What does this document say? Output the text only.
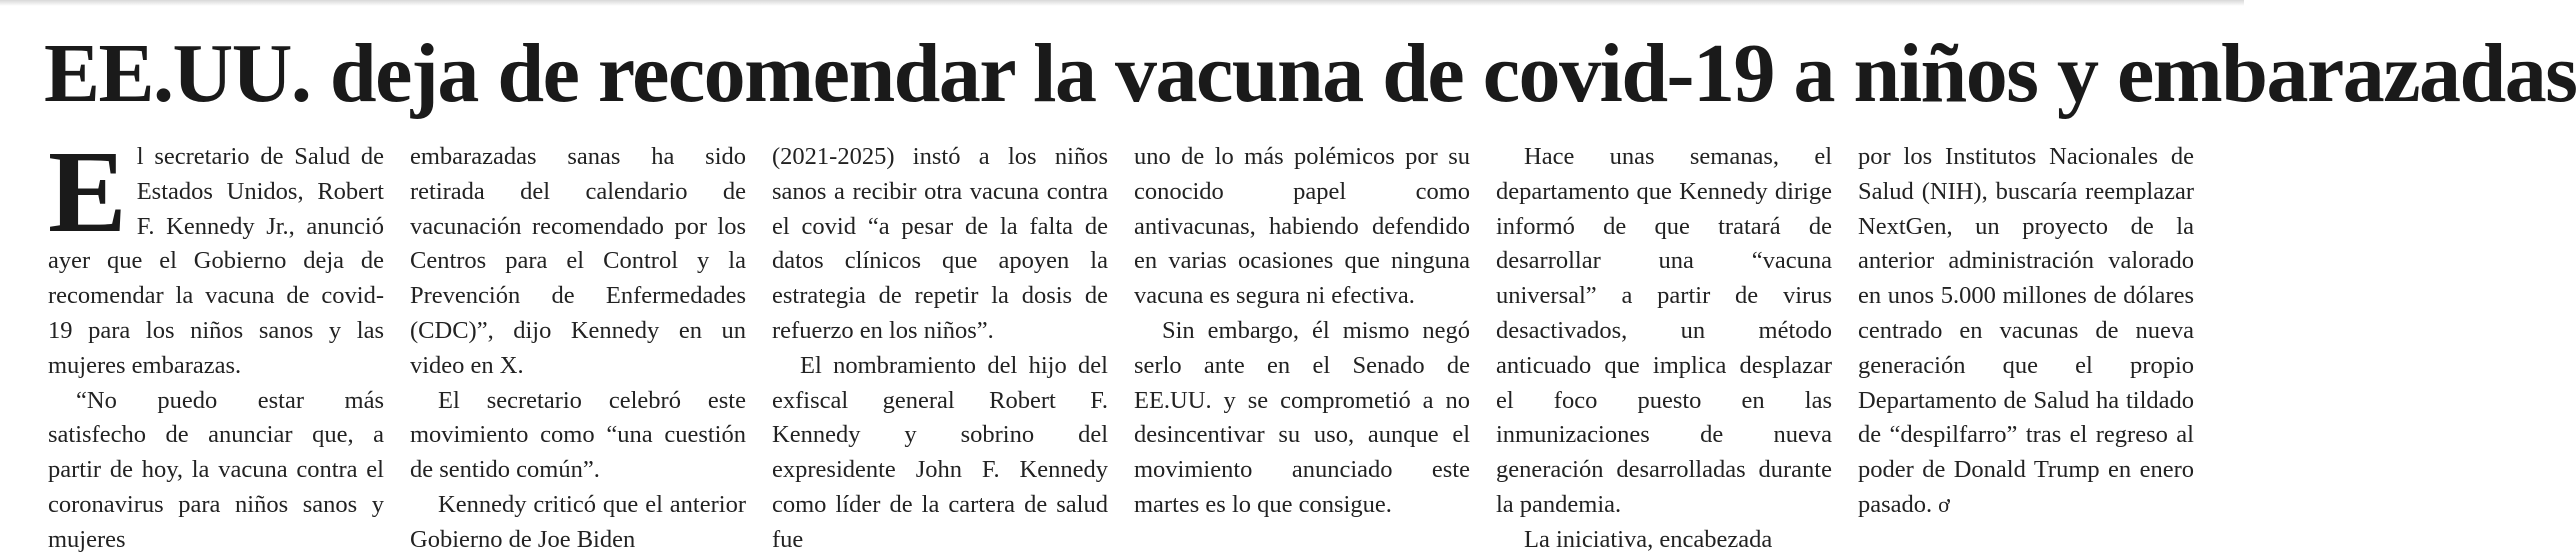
EE.UU. deja de recomendar la vacuna de covid-19 a niños y embarazadas

El secretario de Salud de Estados Unidos, Robert F. Kennedy Jr., anunció ayer que el Gobierno deja de recomendar la vacuna de covid-19 para los niños sanos y las mujeres embarazas.

“No puedo estar más satisfecho de anunciar que, a partir de hoy, la vacuna contra el coronavirus para niños sanos y mujeres

embarazadas sanas ha sido retirada del calendario de vacunación recomendado por los Centros para el Control y la Prevención de Enfermedades (CDC)”, dijo Kennedy en un video en X.

El secretario celebró este movimiento como “una cuestión de sentido común”.

Kennedy criticó que el anterior Gobierno de Joe Biden

(2021-2025) instó a los niños sanos a recibir otra vacuna contra el covid “a pesar de la falta de datos clínicos que apoyen la estrategia de repetir la dosis de refuerzo en los niños”.

El nombramiento del hijo del exfiscal general Robert F. Kennedy y sobrino del expresidente John F. Kennedy como líder de la cartera de salud fue

uno de lo más polémicos por su conocido papel como antivacunas, habiendo defendido en varias ocasiones que ninguna vacuna es segura ni efectiva.

Sin embargo, él mismo negó serlo ante en el Senado de EE.UU. y se comprometió a no desincentivar su uso, aunque el movimiento anunciado este martes es lo que consigue.

Hace unas semanas, el departamento que Kennedy dirige informó de que tratará de desarrollar una “vacuna universal” a partir de virus desactivados, un método anticuado que implica desplazar el foco puesto en las inmunizaciones de nueva generación desarrolladas durante la pandemia.

La iniciativa, encabezada

por los Institutos Nacionales de Salud (NIH), buscaría reemplazar NextGen, un proyecto de la anterior administración valorado en unos 5.000 millones de dólares centrado en vacunas de nueva generación que el propio Departamento de Salud ha tildado de “despilfarro” tras el regreso al poder de Donald Trump en enero pasado. ơ
